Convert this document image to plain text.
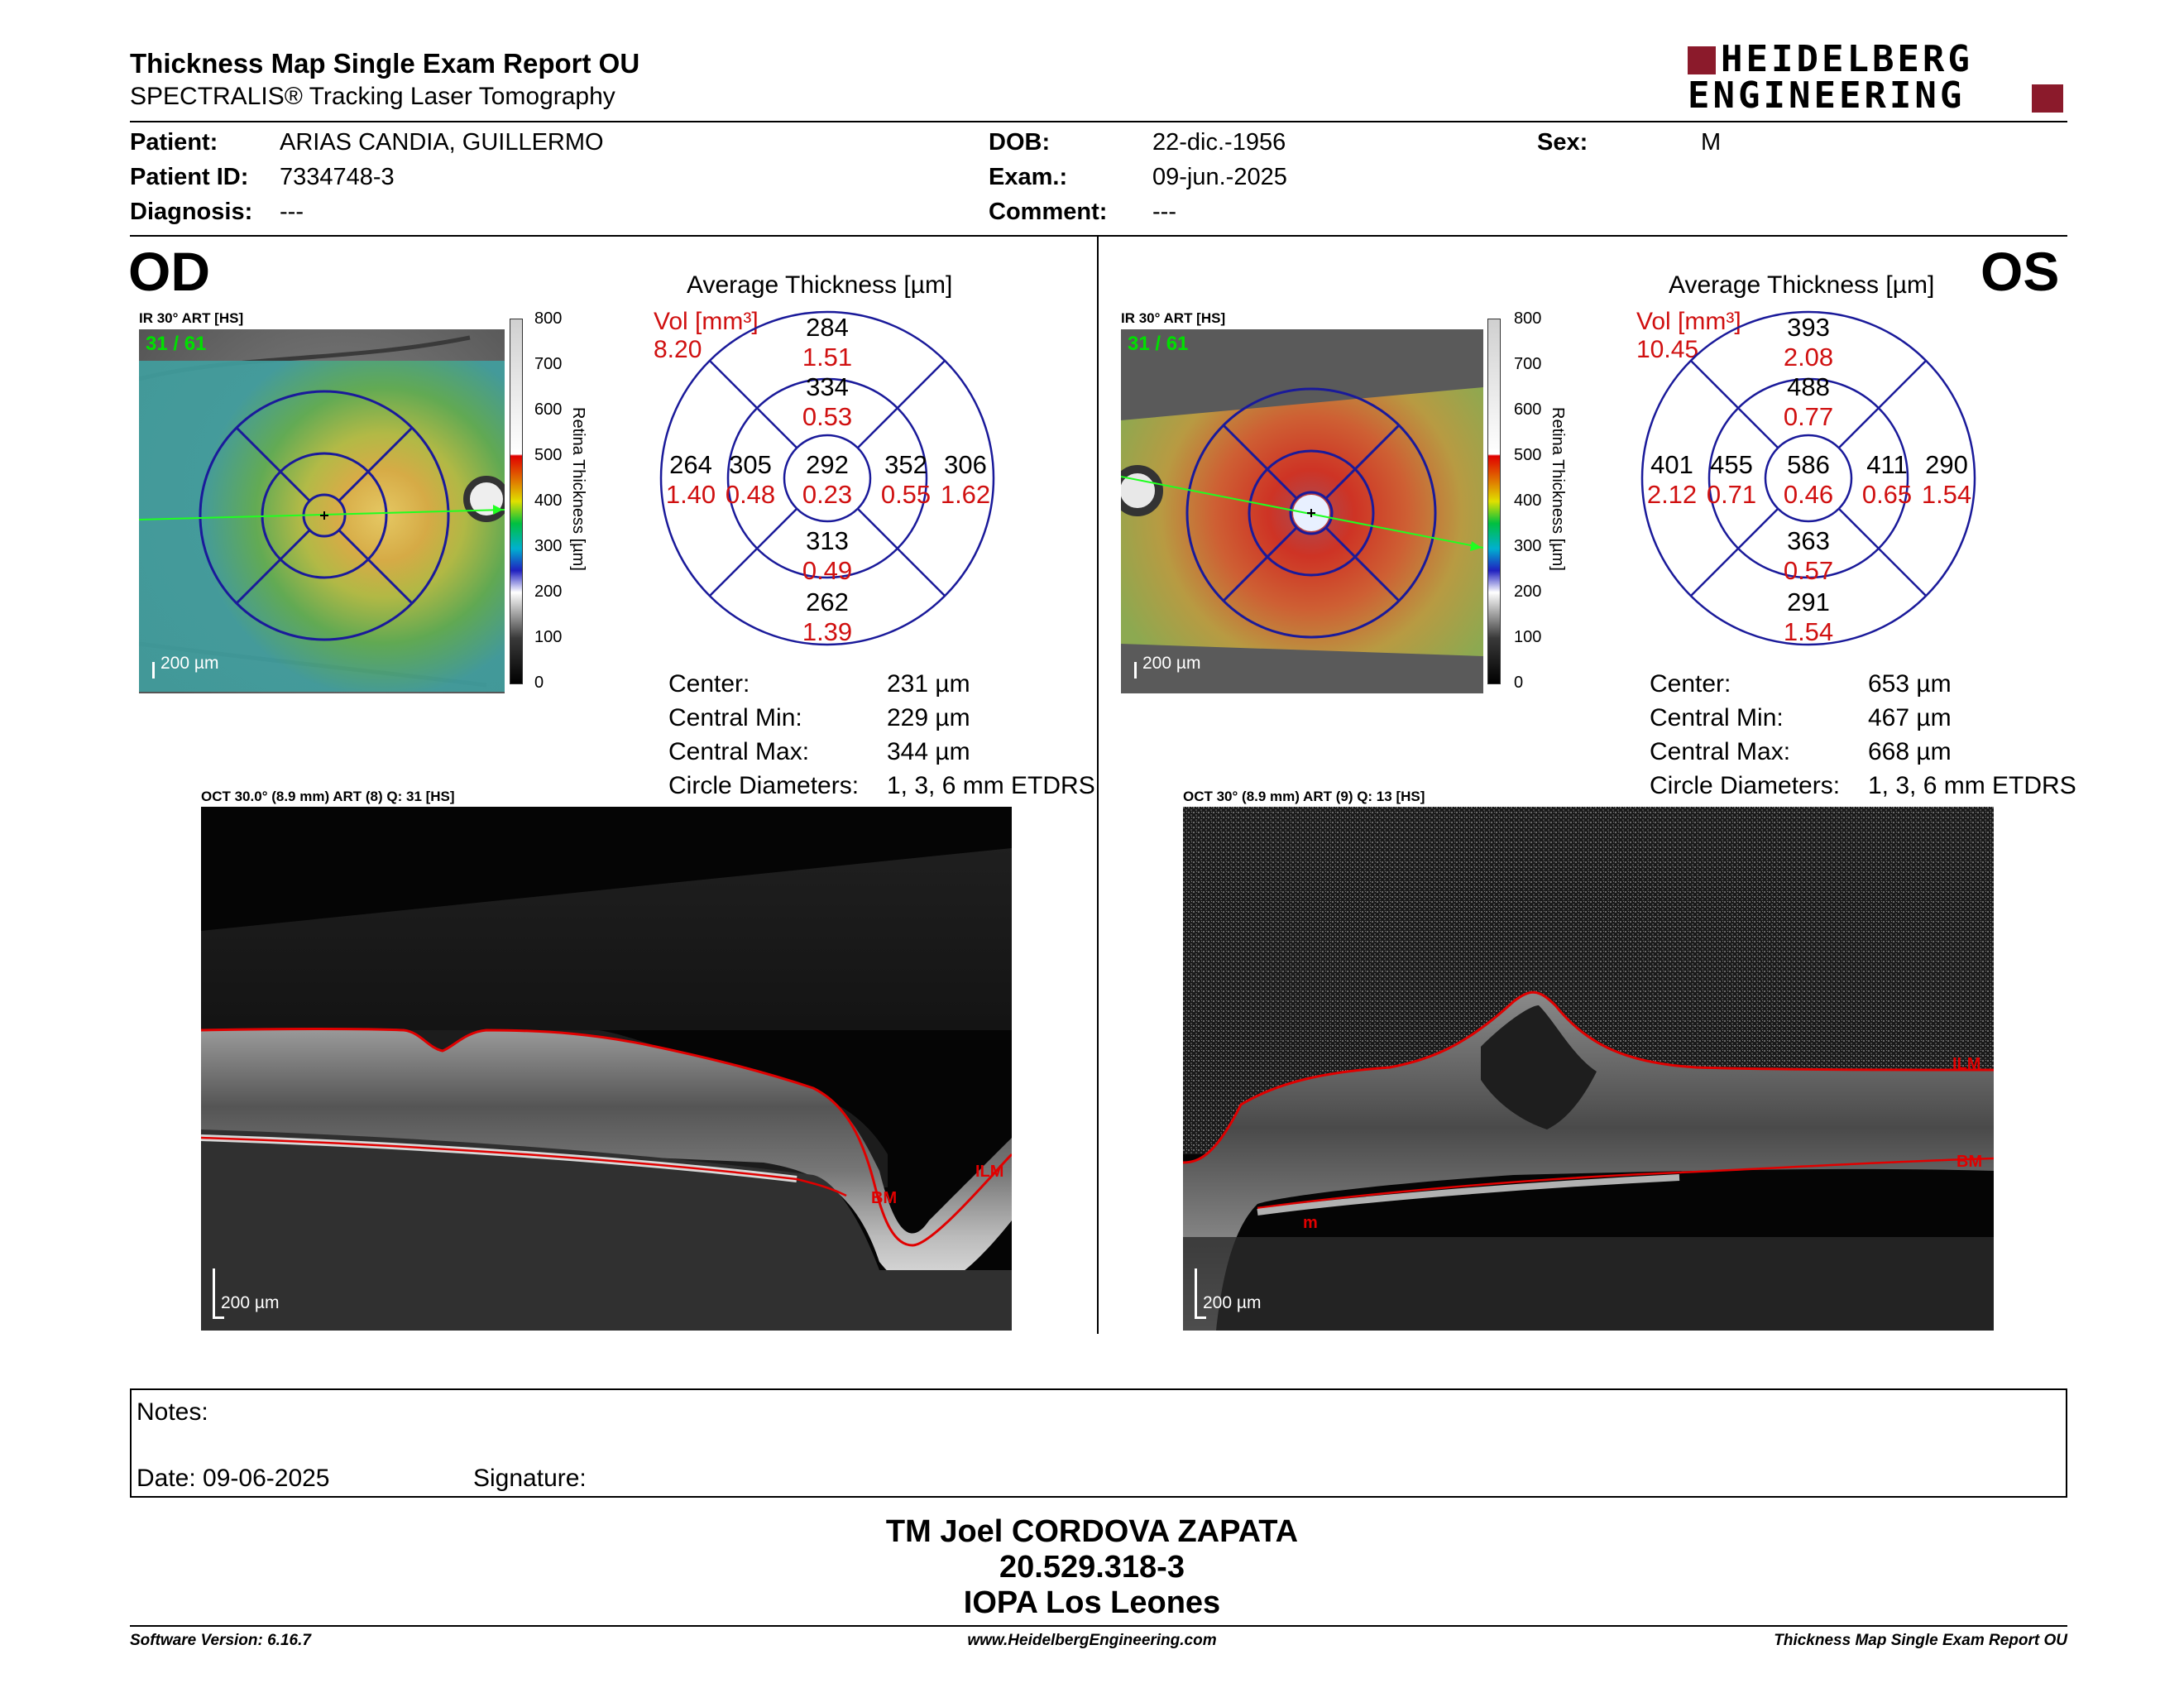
Thickness Map Single Exam Report OU
SPECTRALIS® Tracking Laser Tomography
HEIDELBERG
ENGINEERING
Patient:	ARIAS CANDIA, GUILLERMO
Patient ID: 7334748-3
Diagnosis: ---
DOB:	22-dic.-1956
Exam.:	09-jun.-2025
Comment: ---
Sex:	M
OD
IR 30° ART [HS]
31 / 61
200 µm
800
700
600
500
400
300
200
100
0
Retina Thickness [µm]
Average Thickness [µm]
Vol [mm³]
8.20
284
1.51
334
0.53
264
1.40
305
0.48
292
0.23
352
0.55
306
1.62
313
0.49
262
1.39
Center:	231 µm
Central Min:	229 µm
Central Max:	344 µm
Circle Diameters: 1, 3, 6 mm ETDRS
OCT 30.0° (8.9 mm) ART (8) Q: 31 [HS]
ILM
BM
200 µm
OS
IR 30° ART [HS]
31 / 61
200 µm
800
700
600
500
400
300
200
100
0
Retina Thickness [µm]
Average Thickness [µm]
Vol [mm³]
10.45
393
2.08
488
0.77
401
2.12
455
0.71
586
0.46
411
0.65
290
1.54
363
0.57
291
1.54
Center:	653 µm
Central Min:	467 µm
Central Max:	668 µm
Circle Diameters: 1, 3, 6 mm ETDRS
OCT 30° (8.9 mm) ART (9) Q: 13 [HS]
ILM
BM
m
200 µm
Notes:
Date: 09-06-2025	Signature:
TM Joel CORDOVA ZAPATA
20.529.318-3
IOPA Los Leones
Software Version: 6.16.7	www.HeidelbergEngineering.com	Thickness Map Single Exam Report OU
